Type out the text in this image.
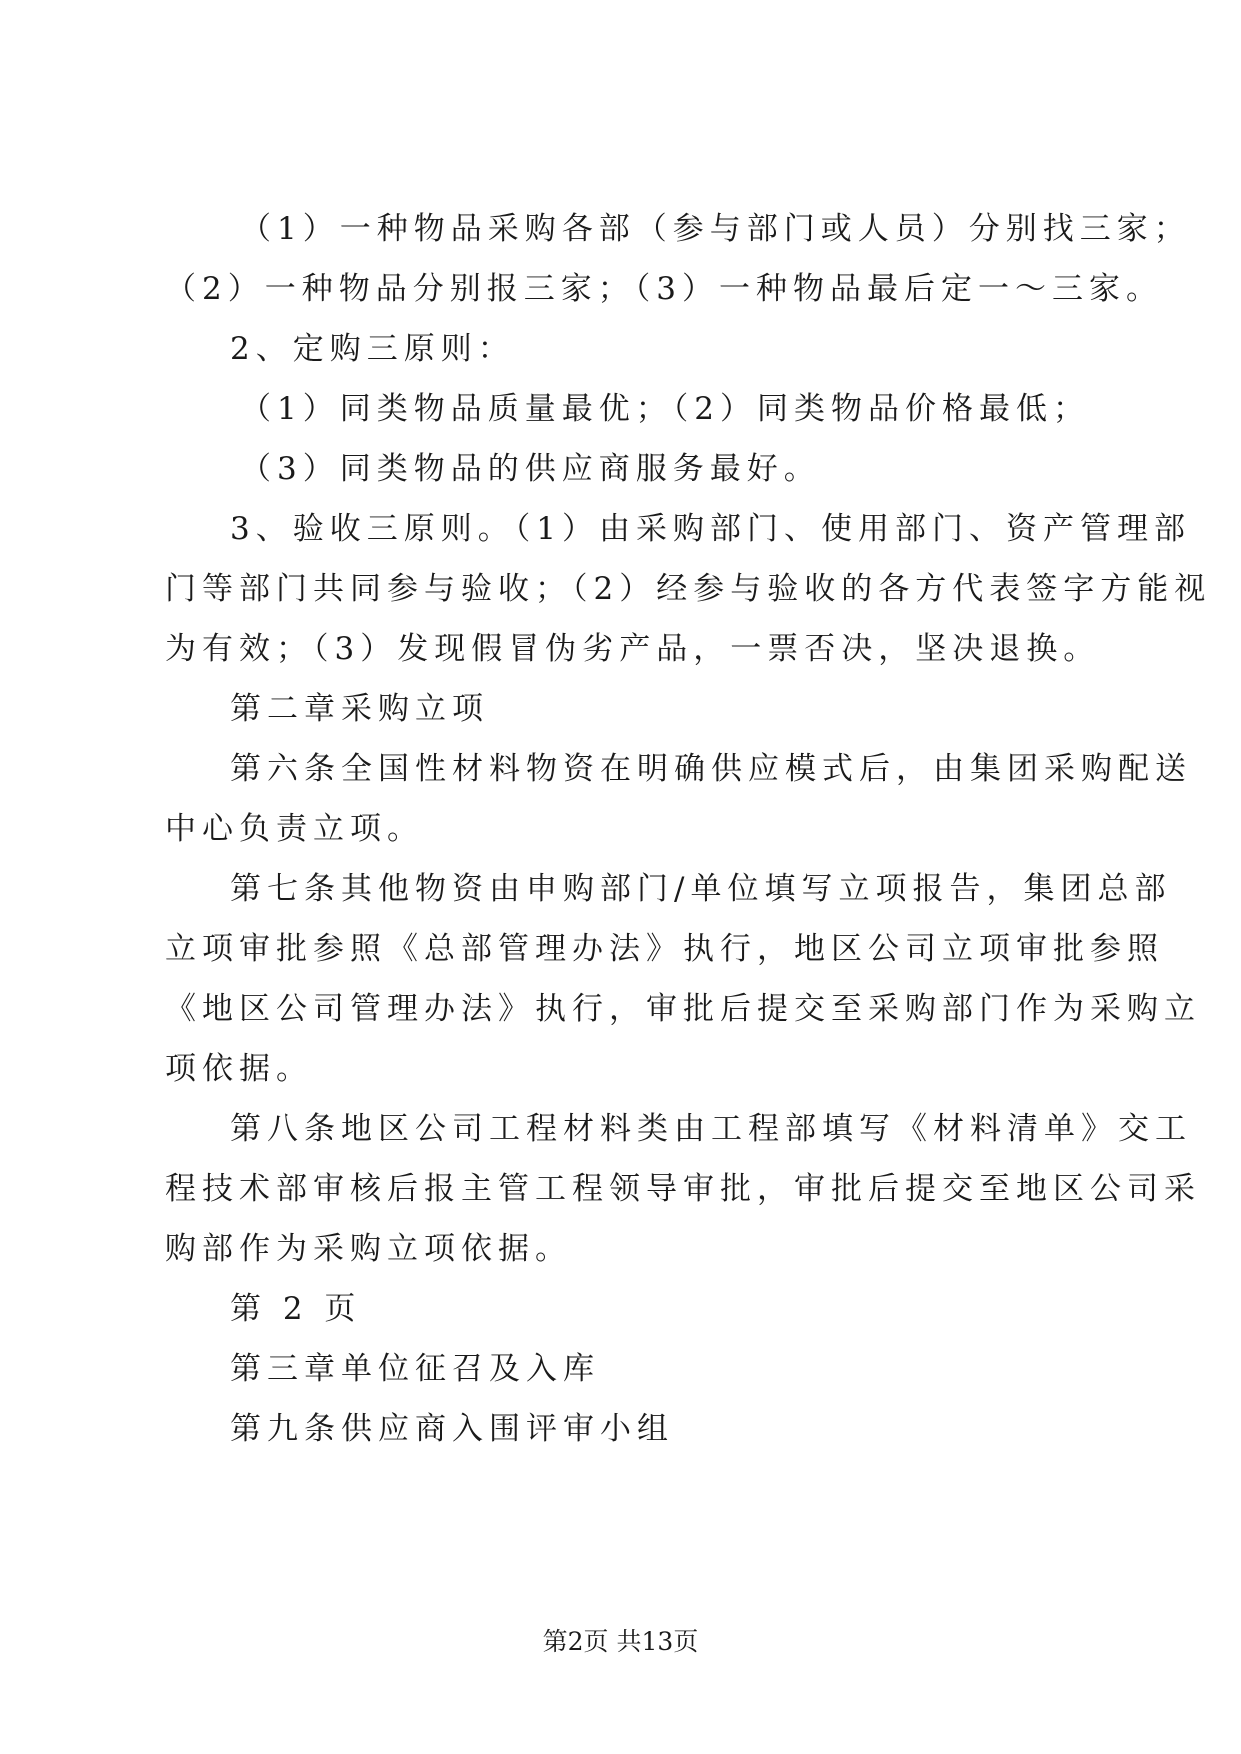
（1）一种物品采购各部（参与部门或人员）分别找三家；
（2）一种物品分别报三家；（3）一种物品最后定一～三家。
2、定购三原则：
（1）同类物品质量最优；（2）同类物品价格最低；
（3）同类物品的供应商服务最好。
3、验收三原则。（1）由采购部门、使用部门、资产管理部
门等部门共同参与验收；（2）经参与验收的各方代表签字方能视
为有效；（3）发现假冒伪劣产品，一票否决，坚决退换。
第二章采购立项
第六条全国性材料物资在明确供应模式后，由集团采购配送
中心负责立项。
第七条其他物资由申购部门/单位填写立项报告，集团总部
立项审批参照《总部管理办法》执行，地区公司立项审批参照
《地区公司管理办法》执行，审批后提交至采购部门作为采购立
项依据。
第八条地区公司工程材料类由工程部填写《材料清单》交工
程技术部审核后报主管工程领导审批，审批后提交至地区公司采
购部作为采购立项依据。
第 2 页
第三章单位征召及入库
第九条供应商入围评审小组
第2页 共13页
